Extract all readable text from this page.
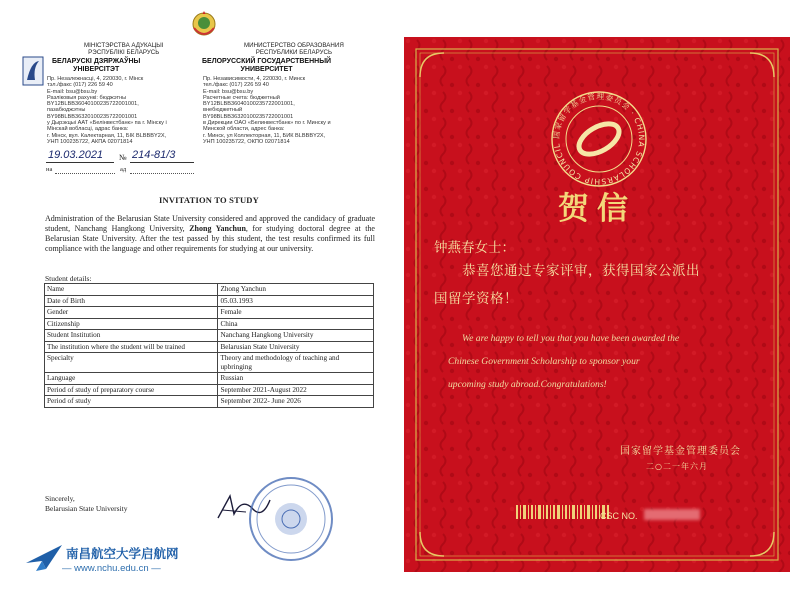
МІНІСТЭРСТВА АДУКАЦЫІ
РЭСПУБЛІКІ БЕЛАРУСЬ
МИНИСТЕРСТВО ОБРАЗОВАНИЯ
РЕСПУБЛИКИ БЕЛАРУСЬ
БЕЛАРУСКІ ДЗЯРЖАЎНЫ
УНІВЕРСІТЭТ
БЕЛОРУССКИЙ ГОСУДАРСТВЕННЫЙ
УНИВЕРСИТЕТ
Пр. Незалежнасці, 4, 220030, г. Мінск
тэл./факс (017) 226 59 40
E-mail: bsu@bsu.by
Разліковыя рахункі: бюджэтны
BY12BLBB36040100235722001001,
пазабюджэтны
BY98BLBB36320100235722001001
у Дырэкцыі ААТ «Белінвестбанк» па г. Мінску і
Мінскай вобласці, адрас банка:
г. Мінск, вул. Калектарная, 11, БІК BLBBBY2X,
УНП 100235722, АКПА 02071814
Пр. Независимости, 4, 220030, г. Минск
тел./факс (017) 226 59 40
E-mail: bsu@bsu.by
Расчетные счета: бюджетный
BY12BLBB36040100235722001001,
внебюджетный
BY98BLBB36320100235722001001
в Дирекции ОАО «Белинвестбанк» по г. Минску и
Минской области, адрес банка:
г. Минск, ул Коллекторная, 11, БИК BLBBBY2X,
УНП 100235722, ОКПО 02071814
19.03.2021 № 214-81/3
на	ад
INVITATION TO STUDY
Administration of the Belarusian State University considered and approved the candidacy of graduate student, Nanchang Hangkong University, Zhong Yanchun, for studying doctoral degree at the Belarusian State University. After the test passed by this student, the test results confirmed its full compliance with the language and other requirements for studying at our university.
Student details:
Name	Zhong Yanchun
Date of Birth	05.03.1993
Gender	Female
Citizenship	China
Student Institution	Nanchang Hangkong University
The institution where the student will be trained	Belarusian State University
Specialty	Theory and methodology of teaching and upbringing
Language	Russian
Period of study of preparatory course	September 2021-August 2022
Period of study	September 2022- June 2026
Sincerely,
Belarusian State University
南昌航空大学启航网
— www.nchu.edu.cn —
国家留学基金管理委员会 · CHINA SCHOLARSHIP COUNCIL
贺信
钟燕春女士：
恭喜您通过专家评审，获得国家公派出
国留学资格！
We are happy to tell you that you have been awarded the
Chinese Government Scholarship to sponsor your
upcoming study abroad.Congratulations!
国家留学基金管理委员会
二○二一年六月
CSC NO.
